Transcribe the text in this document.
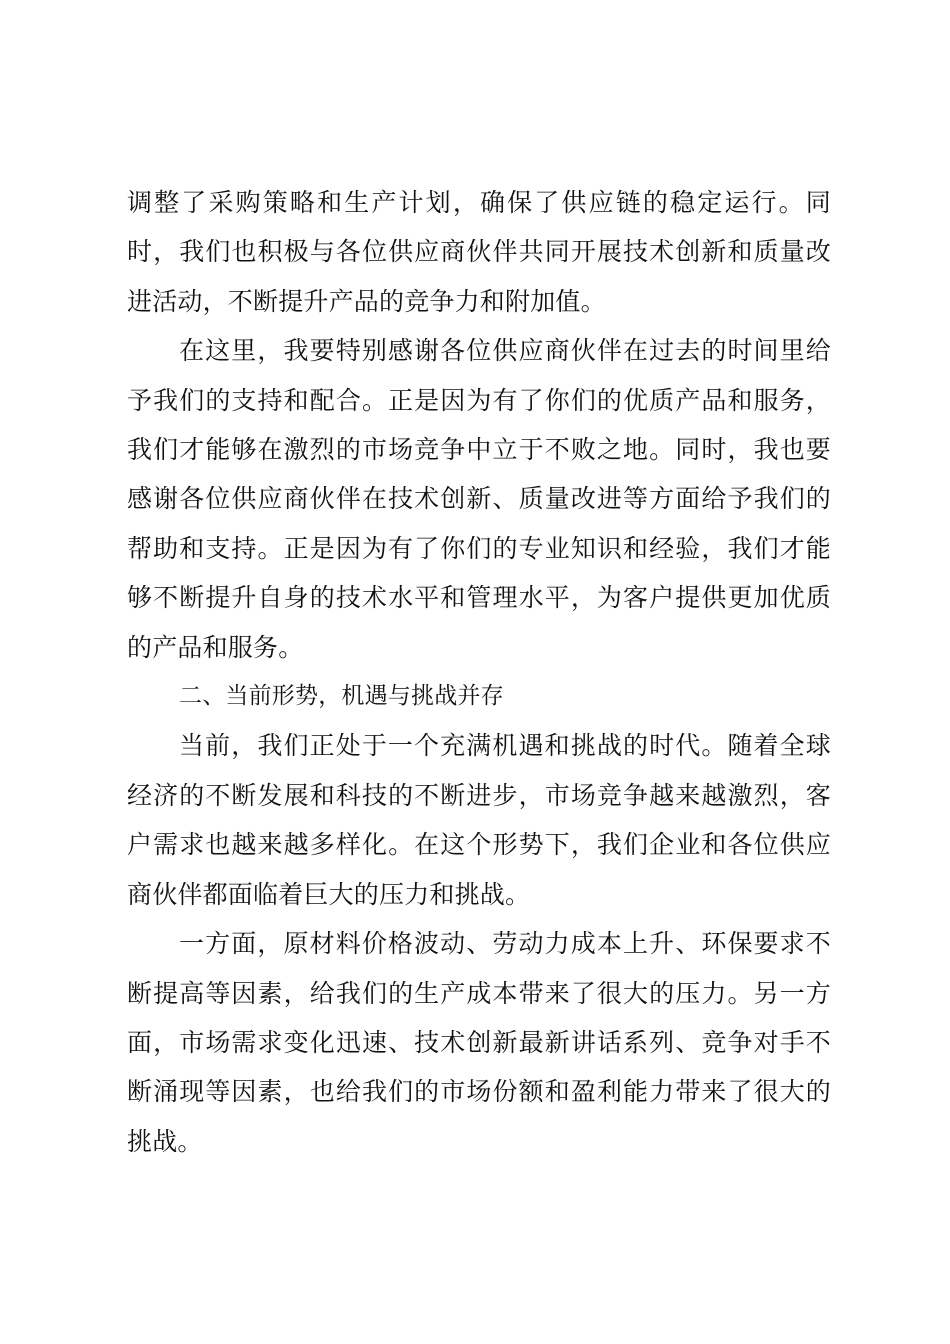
调整了采购策略和生产计划，确保了供应链的稳定运行。同时，我们也积极与各位供应商伙伴共同开展技术创新和质量改进活动，不断提升产品的竞争力和附加值。

在这里，我要特别感谢各位供应商伙伴在过去的时间里给予我们的支持和配合。正是因为有了你们的优质产品和服务，我们才能够在激烈的市场竞争中立于不败之地。同时，我也要感谢各位供应商伙伴在技术创新、质量改进等方面给予我们的帮助和支持。正是因为有了你们的专业知识和经验，我们才能够不断提升自身的技术水平和管理水平，为客户提供更加优质的产品和服务。

二、当前形势，机遇与挑战并存

当前，我们正处于一个充满机遇和挑战的时代。随着全球经济的不断发展和科技的不断进步，市场竞争越来越激烈，客户需求也越来越多样化。在这个形势下，我们企业和各位供应商伙伴都面临着巨大的压力和挑战。

一方面，原材料价格波动、劳动力成本上升、环保要求不断提高等因素，给我们的生产成本带来了很大的压力。另一方面，市场需求变化迅速、技术创新最新讲话系列、竞争对手不断涌现等因素，也给我们的市场份额和盈利能力带来了很大的挑战。
